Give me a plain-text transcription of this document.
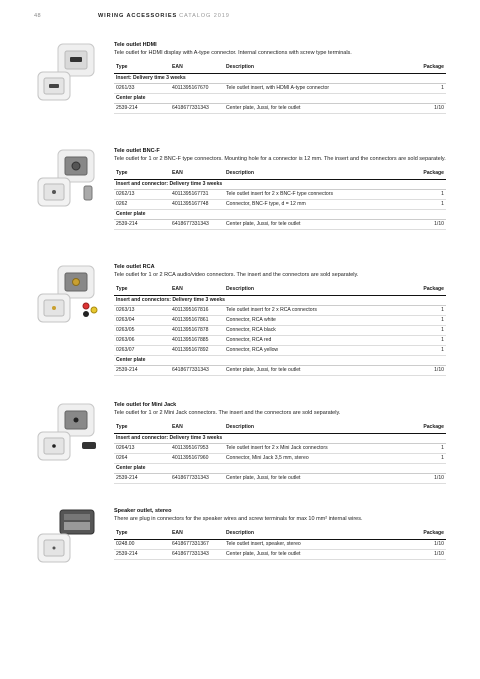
48	WIRING ACCESSORIES CATALOG 2019
Tele outlet HDMI
Tele outlet for HDMI display with A-type connector. Internal connections with screw type terminals.
Type	EAN	Description	Package
Insert: Delivery time 3 weeks			
0261/33	4011395167670	Tele outlet insert, with HDMI A-type connector	1
Center plate			
2539-214	6418677331343	Center plate, Jussi, for tele outlet	1/10
Tele outlet BNC-F
Tele outlet for 1 or 2 BNC-F type connectors. Mounting hole for a connector is 12 mm. The insert and the connectors are sold separately.
Type	EAN	Description	Package
Insert and connector: Delivery time 3 weeks			
0262/13	4011395167731	Tele outlet insert for 2 x BNC-F type connectors	1
0262	4011395167748	Connector, BNC-F type, d = 12 mm	1
Center plate			
2539-214	6418677331343	Center plate, Jussi, for tele outlet	1/10
Tele outlet RCA
Tele outlet for 1 or 2 RCA audio/video connectors. The insert and the connectors are sold separately.
Type	EAN	Description	Package
Insert and connectors: Delivery time 3 weeks			
0263/13	4011395167816	Tele outlet insert for 2 x RCA connectors	1
0263/04	4011395167861	Connector, RCA white	1
0263/05	4011395167878	Connector, RCA black	1
0263/06	4011395167885	Connector, RCA red	1
0263/07	4011395167892	Connector, RCA yellow	1
Center plate			
2539-214	6418677331343	Center plate, Jussi, for tele outlet	1/10
Tele outlet for Mini Jack
Tele outlet for 1 or 2 Mini Jack connectors. The insert and the connectors are sold separately.
Type	EAN	Description	Package
Insert and connector: Delivery time 3 weeks			
0264/13	4011395167953	Tele outlet insert for 2 x Mini Jack connectors	1
0264	4011395167960	Connector, Mini Jack 3,5 mm, stereo	1
Center plate			
2539-214	6418677331343	Center plate, Jussi, for tele outlet	1/10
Speaker outlet, stereo
There are plug in connectors for the speaker wires and screw terminals for max 10 mm² internal wires.
Type	EAN	Description	Package
0248.00	6418677331367	Tele outlet insert, speaker, stereo	1/10
2539-214	6418677331343	Center plate, Jussi, for tele outlet	1/10
